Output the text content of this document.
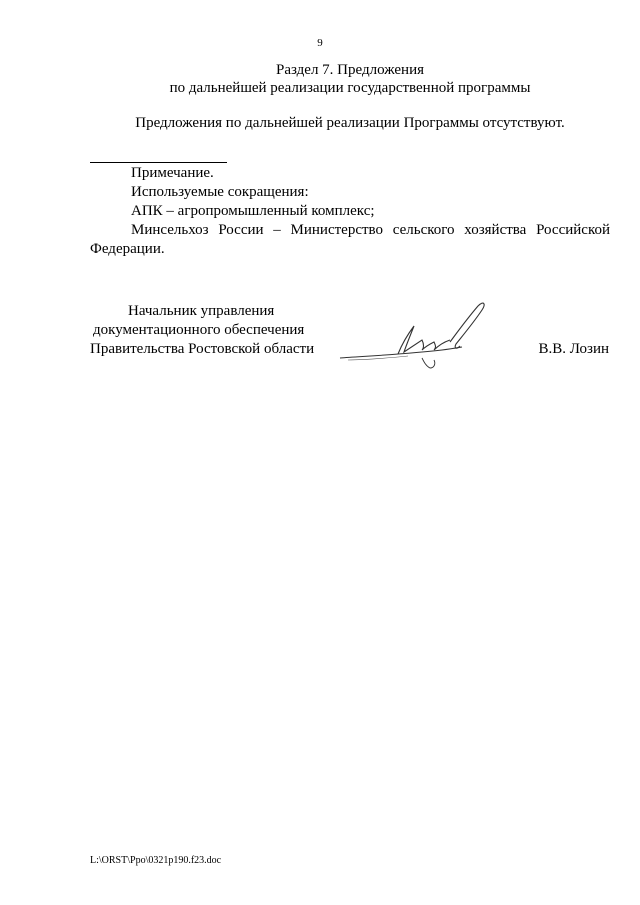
9
Раздел 7. Предложения
по дальнейшей реализации государственной программы
Предложения по дальнейшей реализации Программы отсутствуют.
Примечание.
Используемые сокращения:
АПК – агропромышленный комплекс;
Минсельхоз России – Министерство сельского хозяйства Российской
Федерации.
Начальник управления
документационного обеспечения
Правительства Ростовской области	В.В. Лозин
L:\ORST\Ppo\0321p190.f23.doc
